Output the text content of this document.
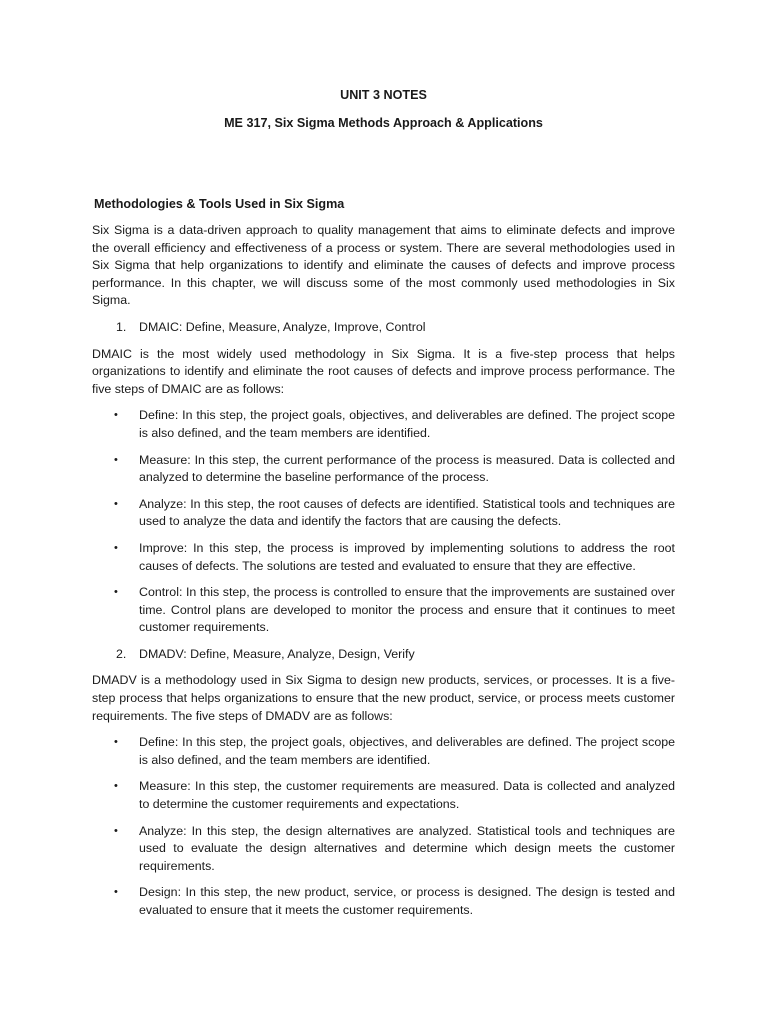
UNIT 3 NOTES
ME 317, Six Sigma Methods Approach & Applications
Methodologies & Tools Used in Six Sigma

Six Sigma is a data-driven approach to quality management that aims to eliminate defects and improve the overall efficiency and effectiveness of a process or system. There are several methodologies used in Six Sigma that help organizations to identify and eliminate the causes of defects and improve process performance. In this chapter, we will discuss some of the most commonly used methodologies in Six Sigma.

1. DMAIC: Define, Measure, Analyze, Improve, Control

DMAIC is the most widely used methodology in Six Sigma. It is a five-step process that helps organizations to identify and eliminate the root causes of defects and improve process performance. The five steps of DMAIC are as follows:

• Define: In this step, the project goals, objectives, and deliverables are defined. The project scope is also defined, and the team members are identified.
• Measure: In this step, the current performance of the process is measured. Data is collected and analyzed to determine the baseline performance of the process.
• Analyze: In this step, the root causes of defects are identified. Statistical tools and techniques are used to analyze the data and identify the factors that are causing the defects.
• Improve: In this step, the process is improved by implementing solutions to address the root causes of defects. The solutions are tested and evaluated to ensure that they are effective.
• Control: In this step, the process is controlled to ensure that the improvements are sustained over time. Control plans are developed to monitor the process and ensure that it continues to meet customer requirements.
2. DMADV: Define, Measure, Analyze, Design, Verify

DMADV is a methodology used in Six Sigma to design new products, services, or processes. It is a five-step process that helps organizations to ensure that the new product, service, or process meets customer requirements. The five steps of DMADV are as follows:

• Define: In this step, the project goals, objectives, and deliverables are defined. The project scope is also defined, and the team members are identified.
• Measure: In this step, the customer requirements are measured. Data is collected and analyzed to determine the customer requirements and expectations.
• Analyze: In this step, the design alternatives are analyzed. Statistical tools and techniques are used to evaluate the design alternatives and determine which design meets the customer requirements.
• Design: In this step, the new product, service, or process is designed. The design is tested and evaluated to ensure that it meets the customer requirements.
